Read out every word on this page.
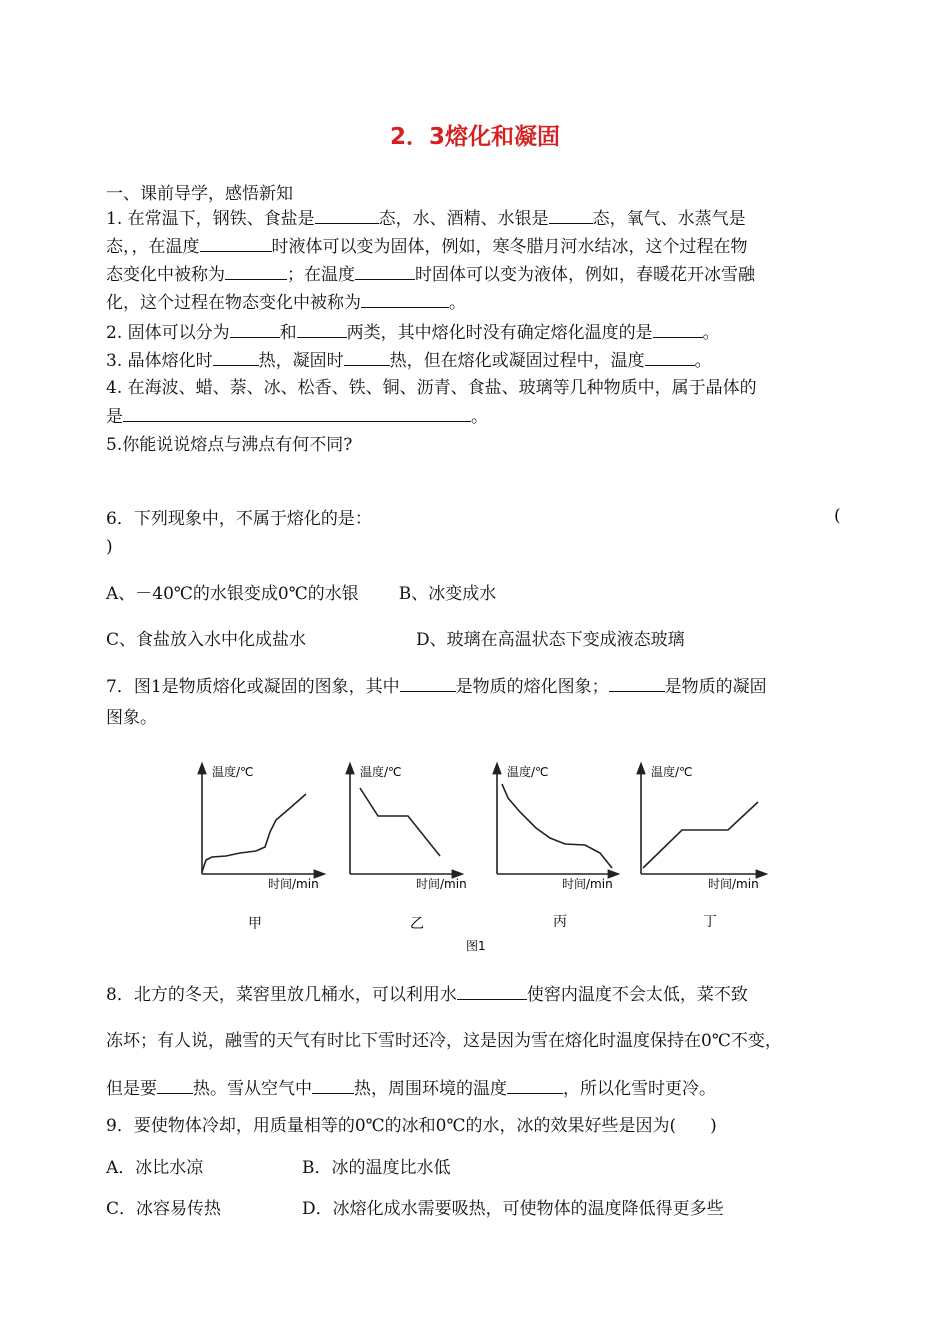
2．3熔化和凝固
一、课前导学，感悟新知
1. 在常温下，钢铁、食盐是	态，水、酒精、水银是	态，氧气、水蒸气是
态，，在温度	时液体可以变为固体，例如，寒冬腊月河水结冰，这个过程在物
态变化中被称为	；在温度	时固体可以变为液体，例如，春暖花开冰雪融
化，这个过程在物态变化中被称为	。
2. 固体可以分为	和	两类，其中熔化时没有确定熔化温度的是	。
3. 晶体熔化时	热，凝固时	热，但在熔化或凝固过程中，温度	。
4. 在海波、蜡、萘、冰、松香、铁、铜、沥青、食盐、玻璃等几种物质中，属于晶体的
是	。
5.你能说说熔点与沸点有何不同?
6．下列现象中，不属于熔化的是：	(
)
A、－40℃的水银变成0℃的水银 B、冰变成水
C、食盐放入水中化成盐水	D、玻璃在高温状态下变成液态玻璃
7．图1是物质熔化或凝固的图象，其中	是物质的熔化图象；	是物质的凝固
图象。
温度/℃
时间/min
甲
温度/℃
时间/min
乙
温度/℃
时间/min
丙
温度/℃
时间/min
丁
图1
8．北方的冬天，菜窖里放几桶水，可以利用水	使窖内温度不会太低，菜不致
冻坏；有人说，融雪的天气有时比下雪时还冷，这是因为雪在熔化时温度保持在0℃不变，
但是要 热。雪从空气中 热，周围环境的温度	，所以化雪时更冷。
9．要使物体冷却，用质量相等的0℃的冰和0℃的水，冰的效果好些是因为(　　)
A．冰比水凉	B．冰的温度比水低
C．冰容易传热	D．冰熔化成水需要吸热，可使物体的温度降低得更多些
